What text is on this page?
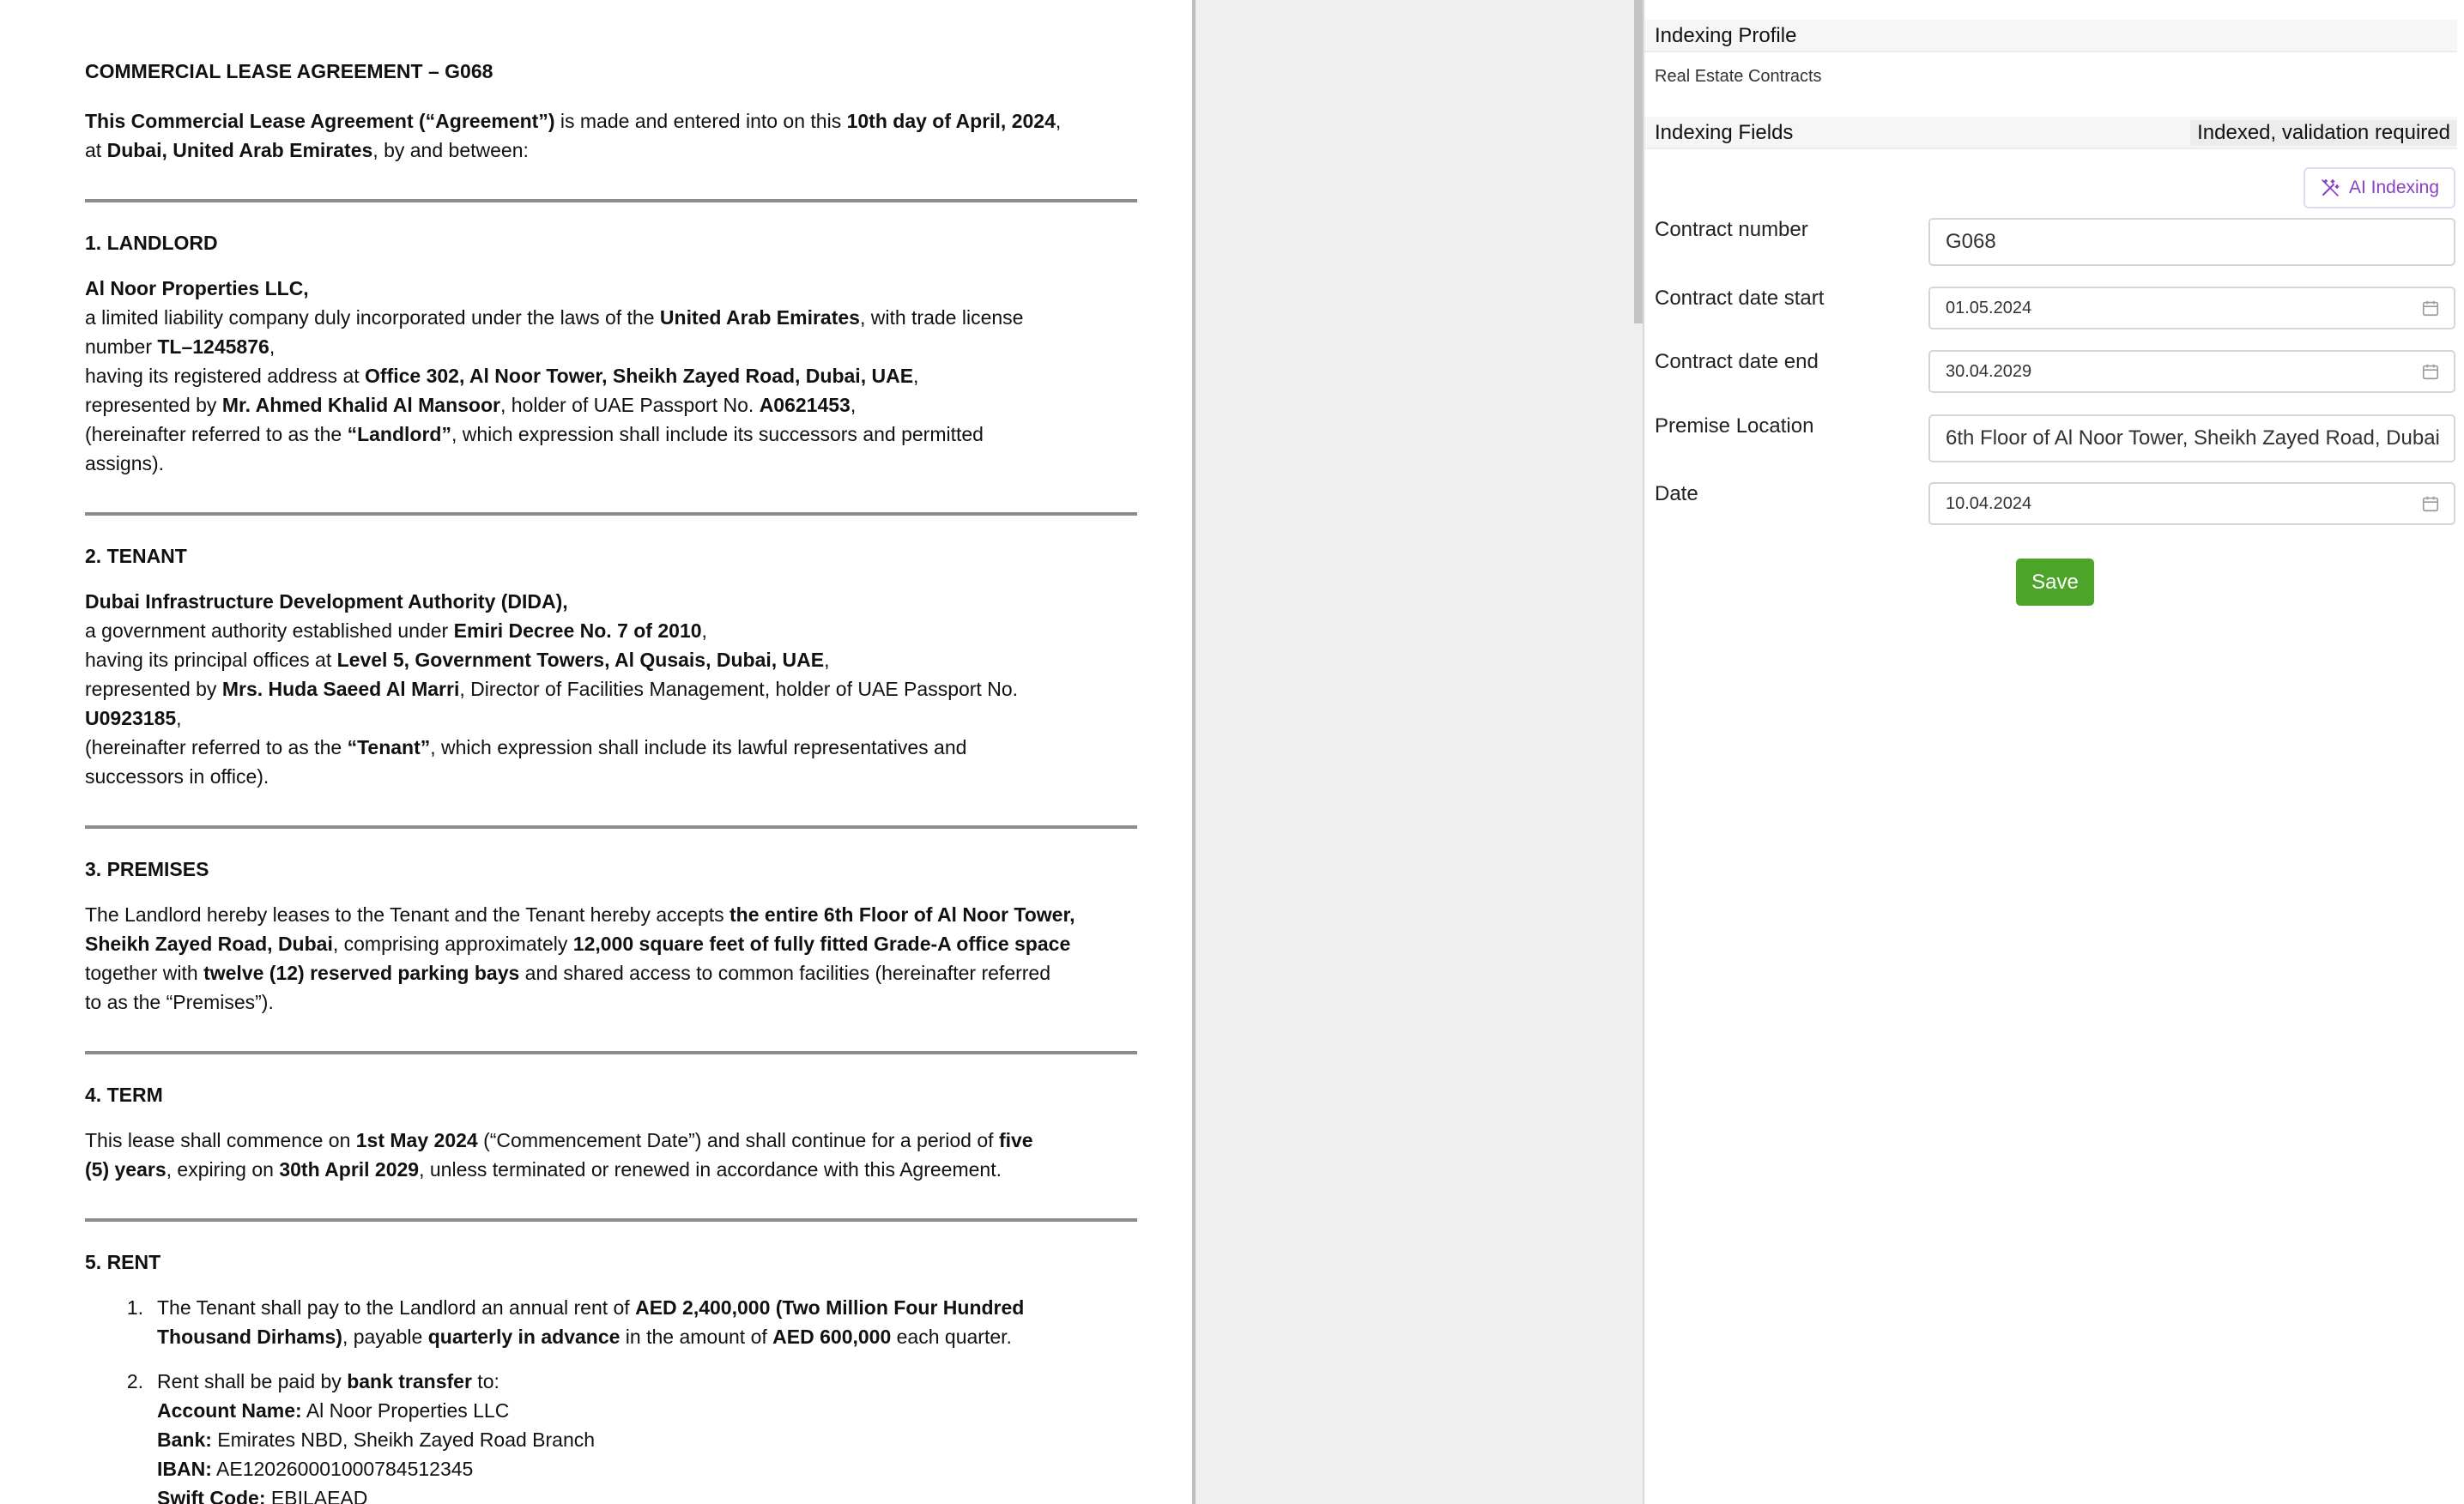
COMMERCIAL LEASE AGREEMENT – G068
This Commercial Lease Agreement (“Agreement”) is made and entered into on this 10th day of April, 2024,
at Dubai, United Arab Emirates, by and between:
1. LANDLORD
Al Noor Properties LLC,
a limited liability company duly incorporated under the laws of the United Arab Emirates, with trade license
number TL–1245876,
having its registered address at Office 302, Al Noor Tower, Sheikh Zayed Road, Dubai, UAE,
represented by Mr. Ahmed Khalid Al Mansoor, holder of UAE Passport No. A0621453,
(hereinafter referred to as the “Landlord”, which expression shall include its successors and permitted
assigns).
2. TENANT
Dubai Infrastructure Development Authority (DIDA),
a government authority established under Emiri Decree No. 7 of 2010,
having its principal offices at Level 5, Government Towers, Al Qusais, Dubai, UAE,
represented by Mrs. Huda Saeed Al Marri, Director of Facilities Management, holder of UAE Passport No.
U0923185,
(hereinafter referred to as the “Tenant”, which expression shall include its lawful representatives and
successors in office).
3. PREMISES
The Landlord hereby leases to the Tenant and the Tenant hereby accepts the entire 6th Floor of Al Noor Tower,
Sheikh Zayed Road, Dubai, comprising approximately 12,000 square feet of fully fitted Grade-A office space
together with twelve (12) reserved parking bays and shared access to common facilities (hereinafter referred
to as the “Premises”).
4. TERM
This lease shall commence on 1st May 2024 (“Commencement Date”) and shall continue for a period of five
(5) years, expiring on 30th April 2029, unless terminated or renewed in accordance with this Agreement.
5. RENT
1. The Tenant shall pay to the Landlord an annual rent of AED 2,400,000 (Two Million Four Hundred
Thousand Dirhams), payable quarterly in advance in the amount of AED 600,000 each quarter.
2. Rent shall be paid by bank transfer to:
Account Name: Al Noor Properties LLC
Bank: Emirates NBD, Sheikh Zayed Road Branch
IBAN: AE120260001000784512345
Swift Code: EBILAEAD
Indexing Profile
Real Estate Contracts
Indexing Fields	Indexed, validation required
AI Indexing
Contract number
G068
Contract date start	01.05.2024
Contract date end	30.04.2029
Premise Location
6th Floor of Al Noor Tower, Sheikh Zayed Road, Dubai
Date	10.04.2024
Save
